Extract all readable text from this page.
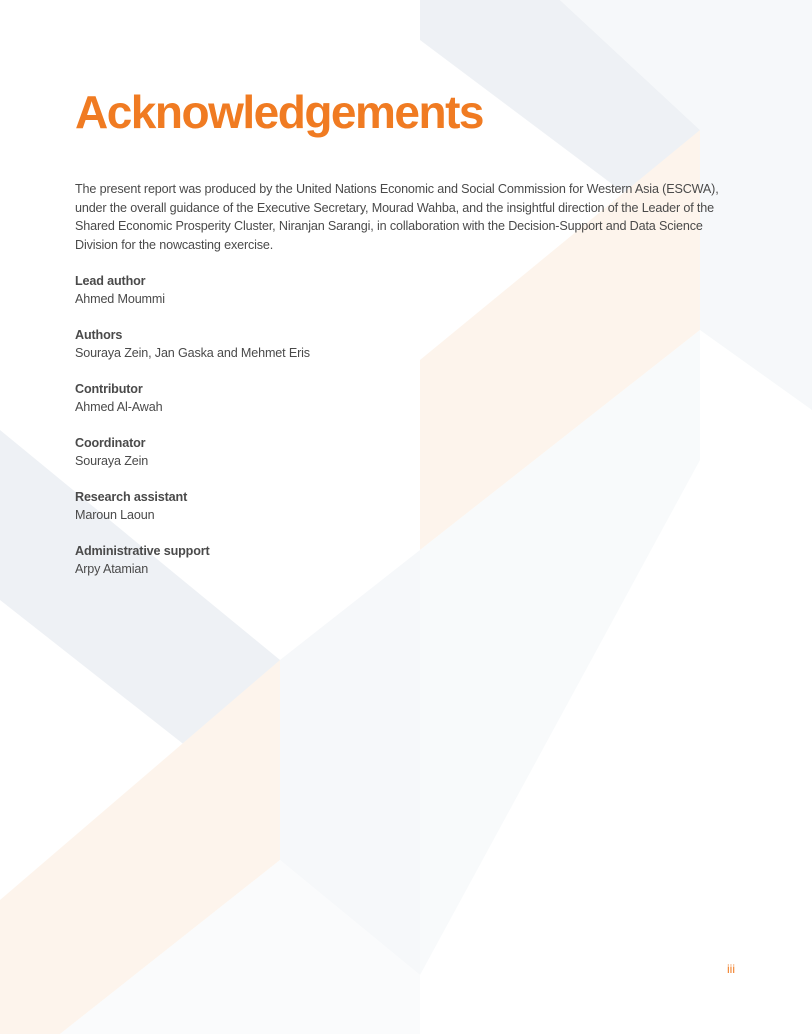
Acknowledgements

The present report was produced by the United Nations Economic and Social Commission for Western Asia (ESCWA), under the overall guidance of the Executive Secretary, Mourad Wahba, and the insightful direction of the Leader of the Shared Economic Prosperity Cluster, Niranjan Sarangi, in collaboration with the Decision-Support and Data Science Division for the nowcasting exercise.

Lead author
Ahmed Moummi
Authors
Souraya Zein, Jan Gaska and Mehmet Eris
Contributor
Ahmed Al-Awah
Coordinator
Souraya Zein
Research assistant
Maroun Laoun
Administrative support
Arpy Atamian
iii
